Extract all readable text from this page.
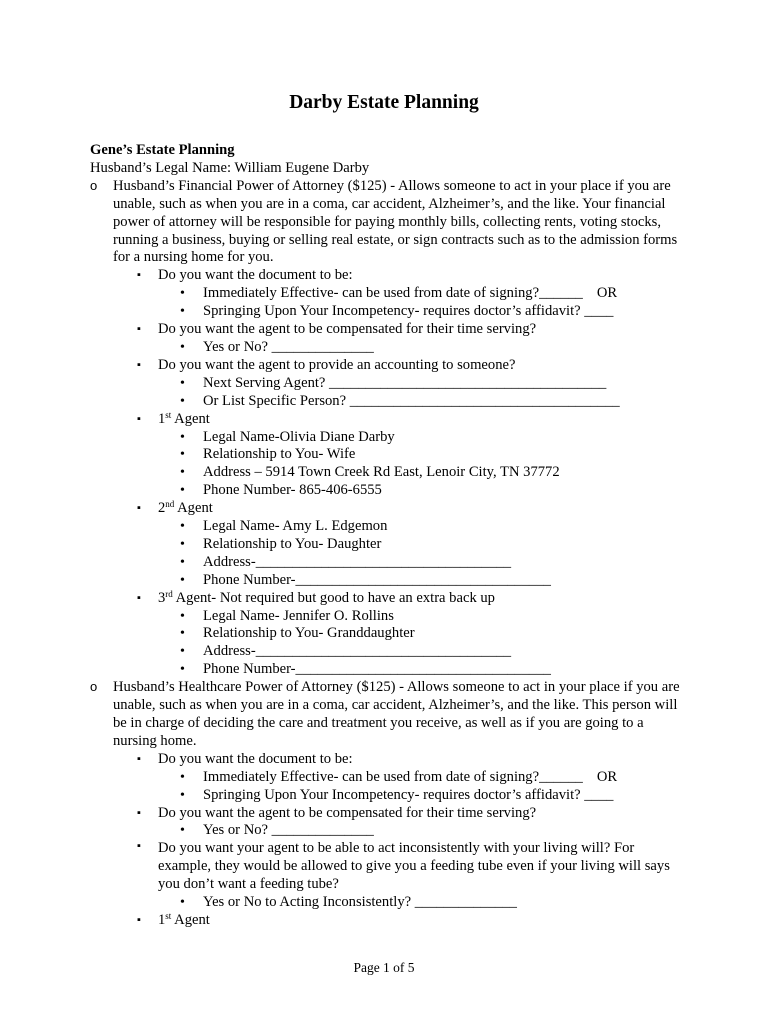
Darby Estate Planning
Gene’s Estate Planning
Husband’s Legal Name: William Eugene Darby
o Husband’s Financial Power of Attorney ($125) - Allows someone to act in your place if you are unable, such as when you are in a coma, car accident, Alzheimer’s, and the like. Your financial power of attorney will be responsible for paying monthly bills, collecting rents, voting stocks, running a business, buying or selling real estate, or sign contracts such as to the admission forms for a nursing home for you.
▪ Do you want the document to be:
• Immediately Effective- can be used from date of signing?______ OR
• Springing Upon Your Incompetency- requires doctor’s affidavit? ____
▪ Do you want the agent to be compensated for their time serving?
• Yes or No? ______________
▪ Do you want the agent to provide an accounting to someone?
• Next Serving Agent? ______________________________________
• Or List Specific Person? _____________________________________
▪ 1st Agent
• Legal Name-Olivia Diane Darby
• Relationship to You- Wife
• Address – 5914 Town Creek Rd East, Lenoir City, TN 37772
• Phone Number- 865-406-6555
▪ 2nd Agent
• Legal Name- Amy L. Edgemon
• Relationship to You- Daughter
• Address-___________________________________
• Phone Number-___________________________________
▪ 3rd Agent- Not required but good to have an extra back up
• Legal Name- Jennifer O. Rollins
• Relationship to You- Granddaughter
• Address-___________________________________
• Phone Number-___________________________________
o Husband’s Healthcare Power of Attorney ($125) - Allows someone to act in your place if you are unable, such as when you are in a coma, car accident, Alzheimer’s, and the like. This person will be in charge of deciding the care and treatment you receive, as well as if you are going to a nursing home.
▪ Do you want the document to be:
• Immediately Effective- can be used from date of signing?______ OR
• Springing Upon Your Incompetency- requires doctor’s affidavit? ____
▪ Do you want the agent to be compensated for their time serving?
• Yes or No? ______________
▪ Do you want your agent to be able to act inconsistently with your living will? For example, they would be allowed to give you a feeding tube even if your living will says you don’t want a feeding tube?
• Yes or No to Acting Inconsistently? ______________
▪ 1st Agent
Page 1 of 5
